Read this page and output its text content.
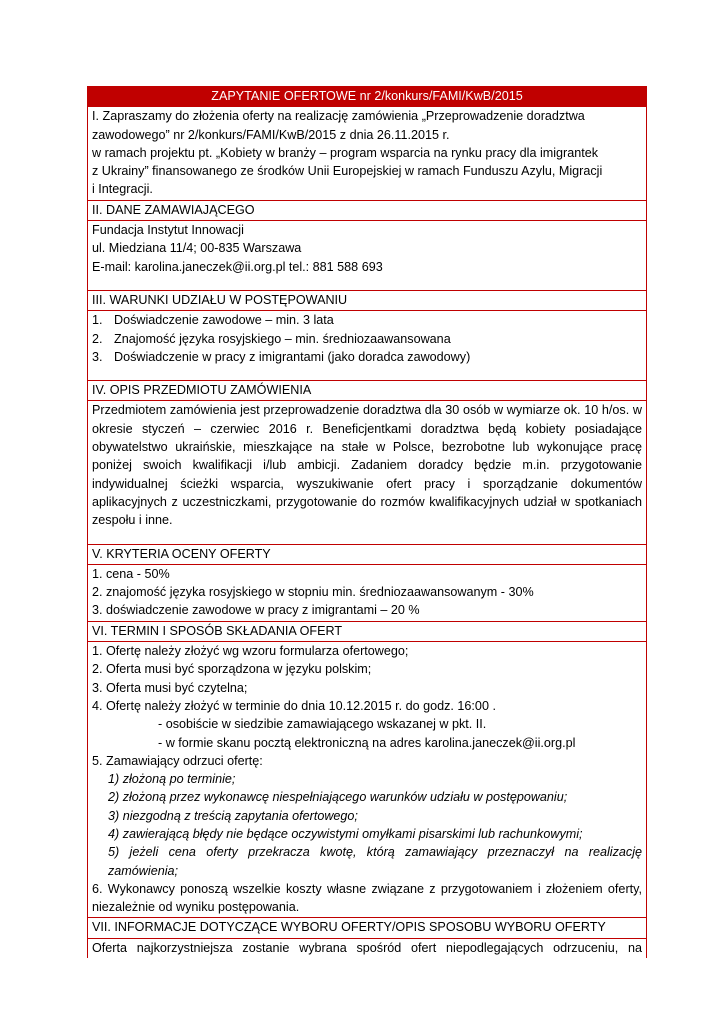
ZAPYTANIE OFERTOWE nr 2/konkurs/FAMI/KwB/2015
I. Zapraszamy do złożenia oferty na realizację zamówienia „Przeprowadzenie doradztwa
zawodowego” nr 2/konkurs/FAMI/KwB/2015 z dnia 26.11.2015 r.
w ramach projektu pt. „Kobiety w branży – program wsparcia na rynku pracy dla imigrantek
z Ukrainy” finansowanego ze środków Unii Europejskiej w ramach Funduszu Azylu, Migracji
i Integracji.
II. DANE ZAMAWIAJĄCEGO
Fundacja Instytut Innowacji
ul. Miedziana 11/4; 00-835 Warszawa
E-mail: karolina.janeczek@ii.org.pl tel.: 881 588 693
III. WARUNKI UDZIAŁU W POSTĘPOWANIU
1. Doświadczenie zawodowe – min. 3 lata
2. Znajomość języka rosyjskiego – min. średniozaawansowana
3. Doświadczenie w pracy z imigrantami (jako doradca zawodowy)
IV. OPIS PRZEDMIOTU ZAMÓWIENIA
Przedmiotem zamówienia jest przeprowadzenie doradztwa dla 30 osób w wymiarze ok. 10 h/os. w okresie styczeń – czerwiec 2016 r. Beneficjentkami doradztwa będą kobiety posiadające obywatelstwo ukraińskie, mieszkające na stałe w Polsce, bezrobotne lub wykonujące pracę poniżej swoich kwalifikacji i/lub ambicji. Zadaniem doradcy będzie m.in. przygotowanie indywidualnej ścieżki wsparcia, wyszukiwanie ofert pracy i sporządzanie dokumentów aplikacyjnych z uczestniczkami, przygotowanie do rozmów kwalifikacyjnych udział w spotkaniach zespołu i inne.
V. KRYTERIA OCENY OFERTY
1. cena - 50%
2. znajomość języka rosyjskiego w stopniu min. średniozaawansowanym - 30%
3. doświadczenie zawodowe w pracy z imigrantami – 20 %
VI. TERMIN I SPOSÓB SKŁADANIA OFERT
1. Ofertę należy złożyć wg wzoru formularza ofertowego;
2. Oferta musi być sporządzona w języku polskim;
3. Oferta musi być czytelna;
4. Ofertę należy złożyć w terminie do dnia 10.12.2015 r. do godz. 16:00 .
- osobiście w siedzibie zamawiającego wskazanej w pkt. II.
- w formie skanu pocztą elektroniczną na adres karolina.janeczek@ii.org.pl
5. Zamawiający odrzuci ofertę:
1) złożoną po terminie;
2) złożoną przez wykonawcę niespełniającego warunków udziału w postępowaniu;
3) niezgodną z treścią zapytania ofertowego;
4) zawierającą błędy nie będące oczywistymi omyłkami pisarskimi lub rachunkowymi;
5) jeżeli cena oferty przekracza kwotę, którą zamawiający przeznaczył na realizację
zamówienia;
6. Wykonawcy ponoszą wszelkie koszty własne związane z przygotowaniem i złożeniem oferty, niezależnie od wyniku postępowania.
VII. INFORMACJE DOTYCZĄCE WYBORU OFERTY/OPIS SPOSOBU WYBORU OFERTY
Oferta najkorzystniejsza zostanie wybrana spośród ofert niepodlegających odrzuceniu, na
